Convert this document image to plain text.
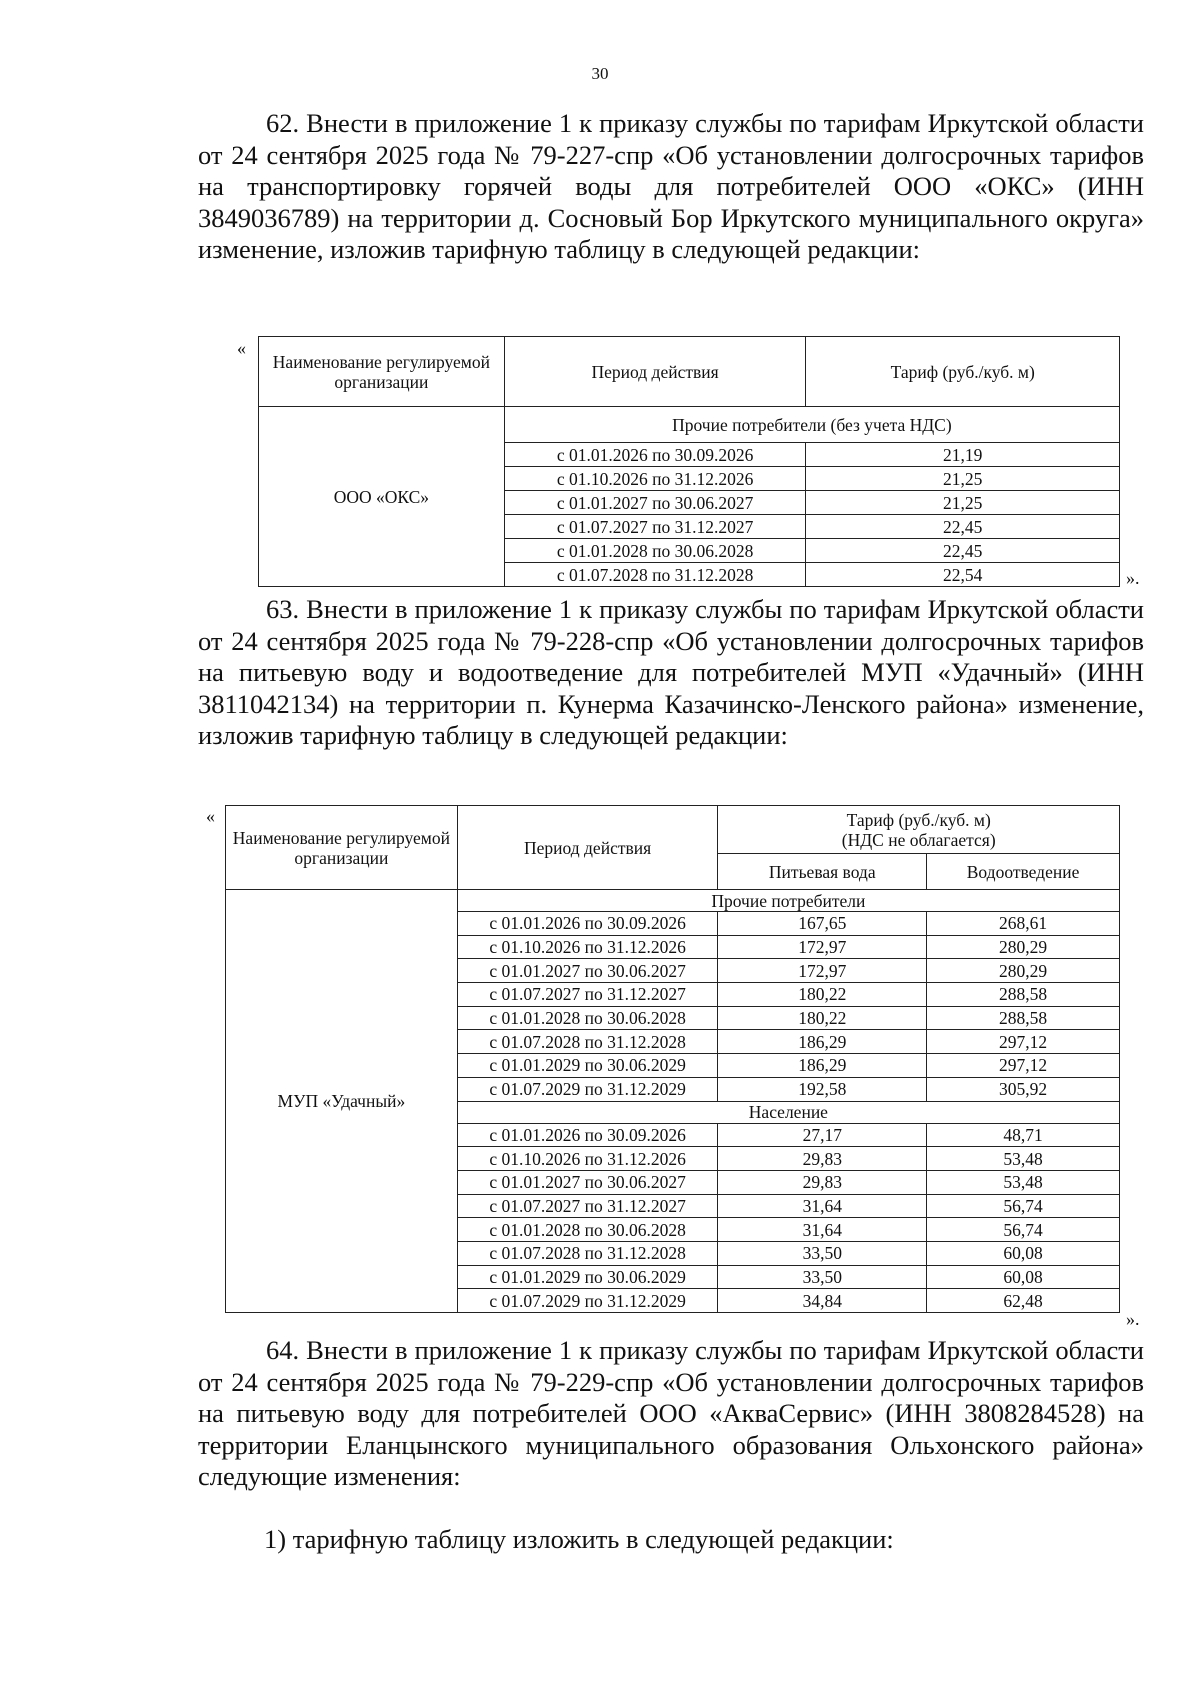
30

62. Внести в приложение 1 к приказу службы по тарифам Иркутской области от 24 сентября 2025 года № 79-227-спр «Об установлении долгосрочных тарифов на транспортировку горячей воды для потребителей ООО «ОКС» (ИНН 3849036789) на территории д. Сосновый Бор Иркутского муниципального округа» изменение, изложив тарифную таблицу в следующей редакции:

«
Наименование регулируемой организации	Период действия	Тариф (руб./куб. м)
ООО «ОКС»	Прочие потребители (без учета НДС)	
	с 01.01.2026 по 30.09.2026	21,19
	с 01.10.2026 по 31.12.2026	21,25
	с 01.01.2027 по 30.06.2027	21,25
	с 01.07.2027 по 31.12.2027	22,45
	с 01.01.2028 по 30.06.2028	22,45
	с 01.07.2028 по 31.12.2028	22,54	».

63. Внести в приложение 1 к приказу службы по тарифам Иркутской области от 24 сентября 2025 года № 79-228-спр «Об установлении долгосрочных тарифов на питьевую воду и водоотведение для потребителей МУП «Удачный» (ИНН 3811042134) на территории п. Кунерма Казачинско-Ленского района» изменение, изложив тарифную таблицу в следующей редакции:

«
Наименование регулируемой организации	Период действия	Тариф (руб./куб. м)
(НДС не облагается)	
		Питьевая вода	Водоотведение
МУП «Удачный»	Прочие потребители		
	с 01.01.2026 по 30.09.2026	167,65	268,61
	с 01.10.2026 по 31.12.2026	172,97	280,29
	с 01.01.2027 по 30.06.2027	172,97	280,29
	с 01.07.2027 по 31.12.2027	180,22	288,58
	с 01.01.2028 по 30.06.2028	180,22	288,58
	с 01.07.2028 по 31.12.2028	186,29	297,12
	с 01.01.2029 по 30.06.2029	186,29	297,12
	с 01.07.2029 по 31.12.2029	192,58	305,92
	Население		
	с 01.01.2026 по 30.09.2026	27,17	48,71
	с 01.10.2026 по 31.12.2026	29,83	53,48
	с 01.01.2027 по 30.06.2027	29,83	53,48
	с 01.07.2027 по 31.12.2027	31,64	56,74
	с 01.01.2028 по 30.06.2028	31,64	56,74
	с 01.07.2028 по 31.12.2028	33,50	60,08
	с 01.01.2029 по 30.06.2029	33,50	60,08
	с 01.07.2029 по 31.12.2029	34,84	62,48
».

64. Внести в приложение 1 к приказу службы по тарифам Иркутской области от 24 сентября 2025 года № 79-229-спр «Об установлении долгосрочных тарифов на питьевую воду для потребителей ООО «АкваСервис» (ИНН 3808284528) на территории Еланцынского муниципального образования Ольхонского района» следующие изменения:

1) тарифную таблицу изложить в следующей редакции:
